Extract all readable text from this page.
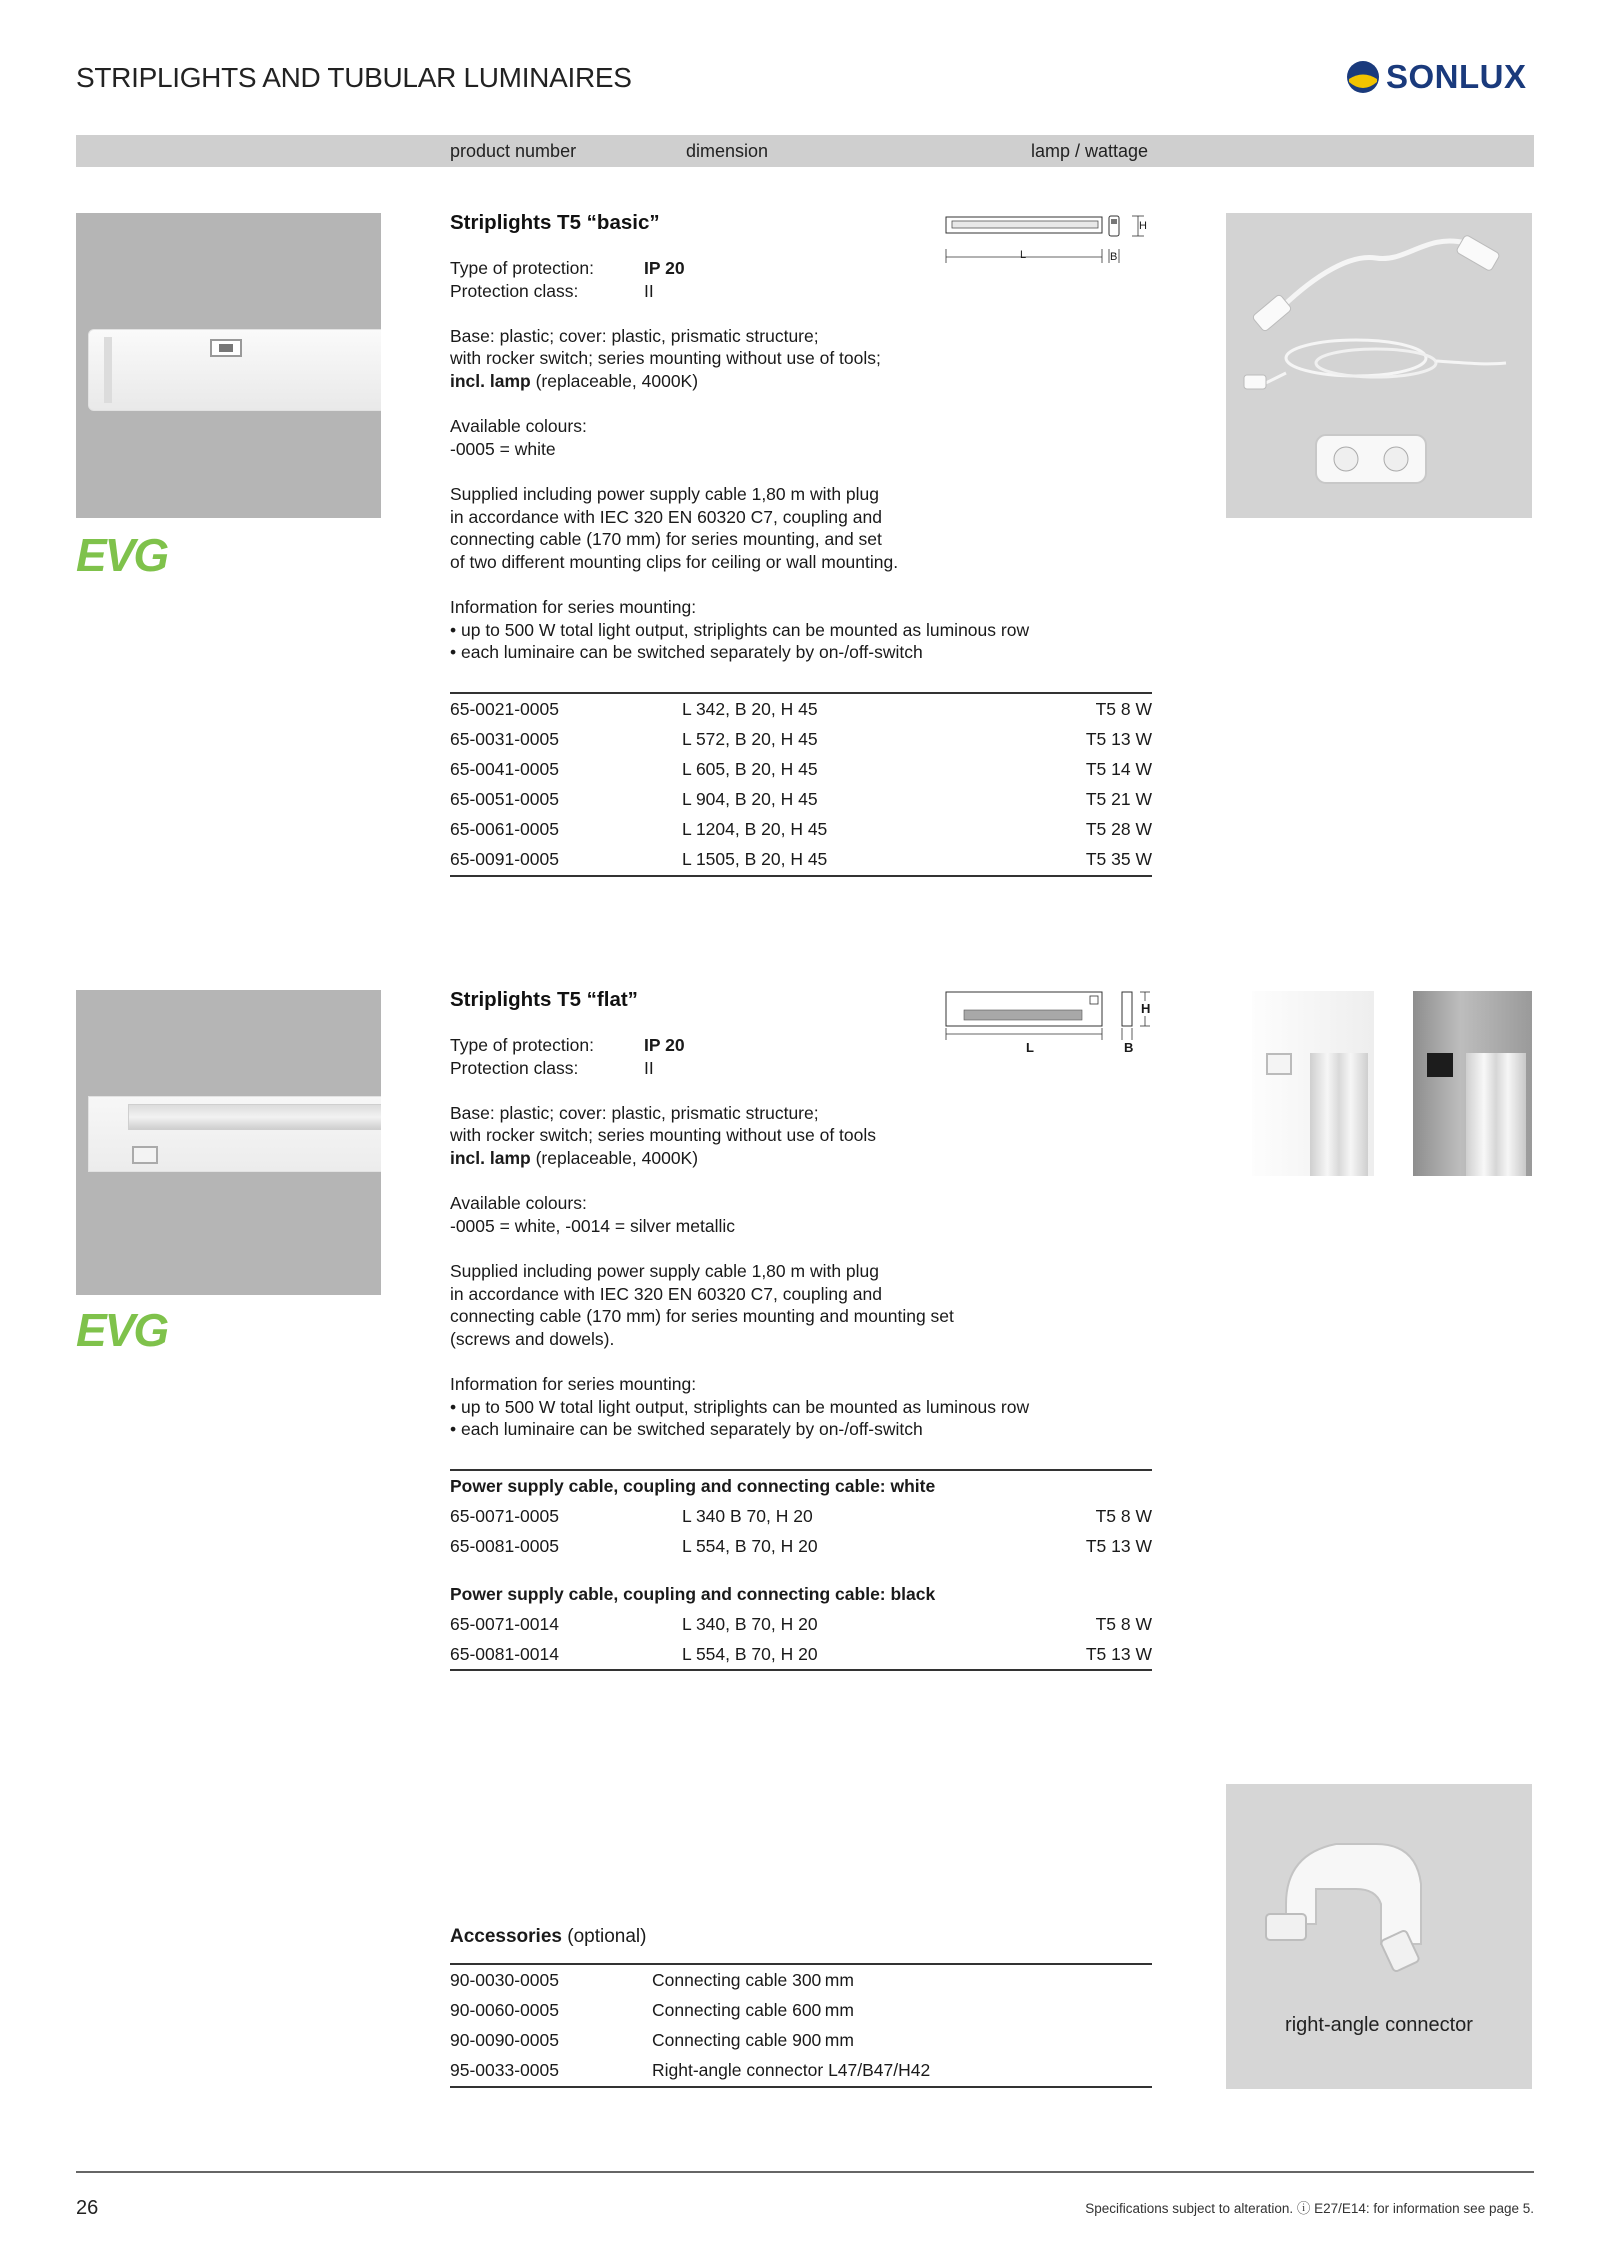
STRIPLIGHTS AND TUBULAR LUMINAIRES	SONLUX
product number	dimension	lamp / wattage
EVG
Striplights T5 “basic”
Type of protection:	IP 20
Protection class:	II
Base: plastic; cover: plastic, prismatic structure;
with rocker switch; series mounting without use of tools;
incl. lamp (replaceable, 4000K)
Available colours:
-0005 = white
Supplied including power supply cable 1,80 m with plug
in accordance with IEC 320 EN 60320 C7, coupling and
connecting cable (170 mm) for series mounting, and set
of two different mounting clips for ceiling or wall mounting.
Information for series mounting:
• up to 500 W total light output, striplights can be mounted as luminous row
• each luminaire can be switched separately by on-/off-switch
L	B
H
65-0021-0005	L 342, B 20, H 45	T5 8 W
65-0031-0005	L 572, B 20, H 45	T5 13 W
65-0041-0005	L 605, B 20, H 45	T5 14 W
65-0051-0005	L 904, B 20, H 45	T5 21 W
65-0061-0005	L 1204, B 20, H 45	T5 28 W
65-0091-0005	L 1505, B 20, H 45	T5 35 W
EVG
Striplights T5 “flat”
Type of protection:	IP 20
Protection class:	II
Base: plastic; cover: plastic, prismatic structure;
with rocker switch; series mounting without use of tools
incl. lamp (replaceable, 4000K)
Available colours:
-0005 = white, -0014 = silver metallic
Supplied including power supply cable 1,80 m with plug
in accordance with IEC 320 EN 60320 C7, coupling and
connecting cable (170 mm) for series mounting and mounting set
(screws and dowels).
Information for series mounting:
• up to 500 W total light output, striplights can be mounted as luminous row
• each luminaire can be switched separately by on-/off-switch
L	B
H
Power supply cable, coupling and connecting cable: white
65-0071-0005	L 340 B 70, H 20	T5 8 W
65-0081-0005	L 554, B 70, H 20	T5 13 W
Power supply cable, coupling and connecting cable: black
65-0071-0014	L 340, B 70, H 20	T5 8 W
65-0081-0014	L 554, B 70, H 20	T5 13 W
Accessories (optional)
90-0030-0005	Connecting cable 300 mm
90-0060-0005	Connecting cable 600 mm
90-0090-0005	Connecting cable 900 mm
95-0033-0005	Right-angle connector L47/B47/H42
right-angle connector
26	Specifications subject to alteration. ⓘ E27/E14: for information see page 5.
